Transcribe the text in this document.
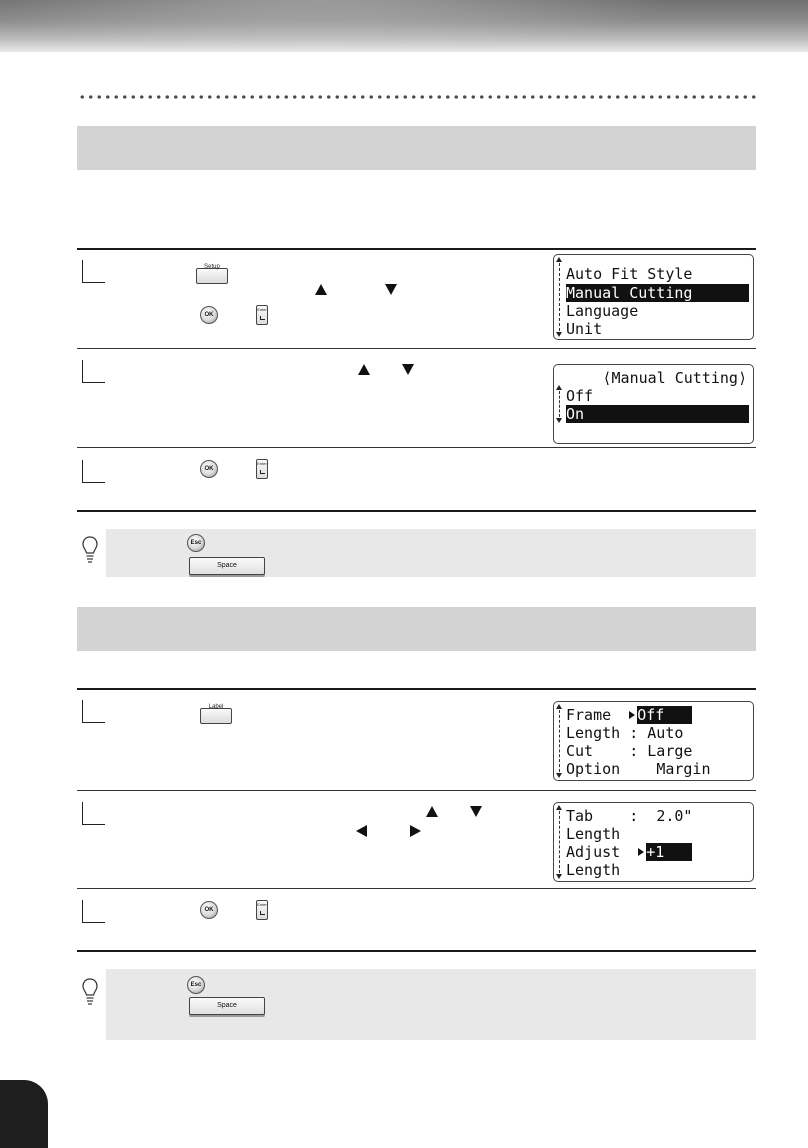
Setup
OK
Enter
Auto Fit Style
Manual Cutting
Language
Unit
⟨Manual Cutting⟩
Off
On
OK
Enter
Esc
Space
Label	Frame Off
Length : Auto
Cut : Large
Option Margin
Tab : 2.0"
Length
Adjust +1
Length
OK
Enter
Esc
Space
